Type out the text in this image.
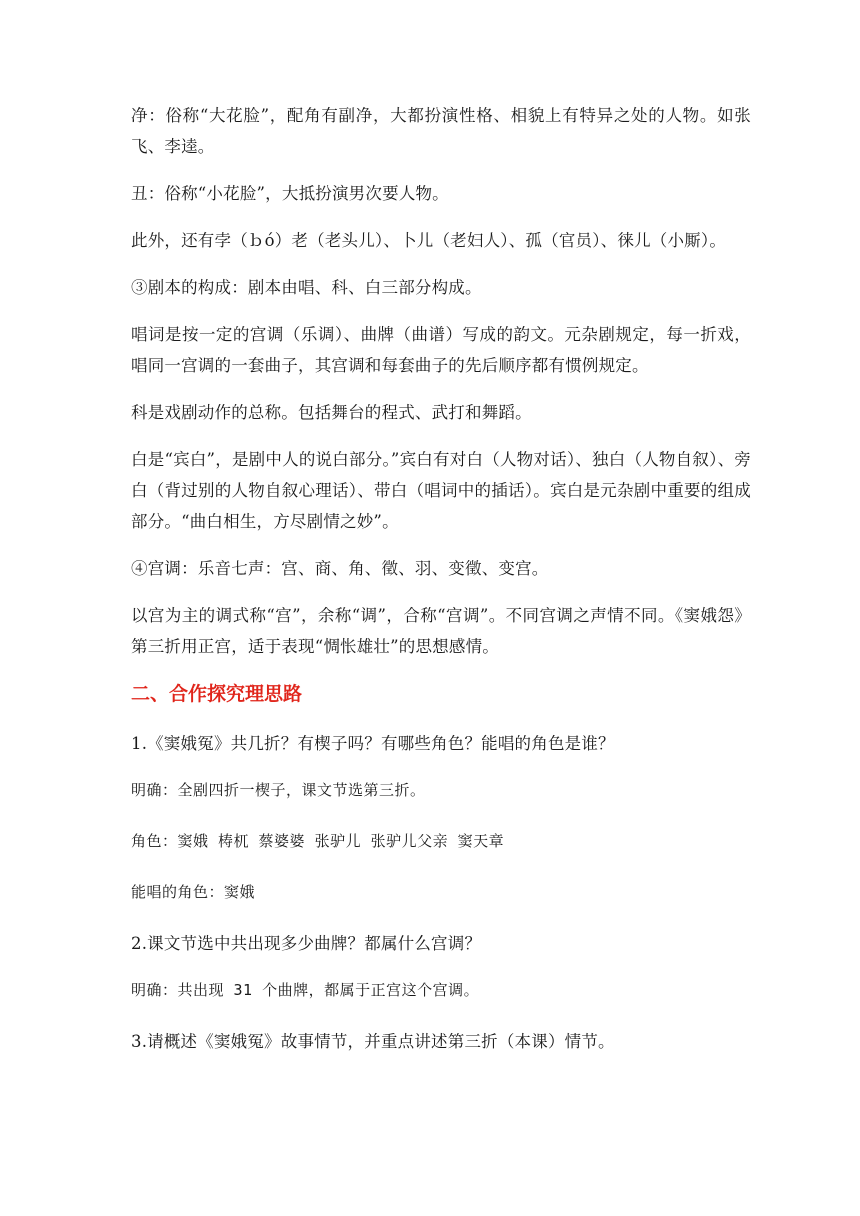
净：俗称“大花脸”，配角有副净，大都扮演性格、相貌上有特异之处的人物。如张飞、李逵。

丑：俗称“小花脸”，大抵扮演男次要人物。

此外，还有孛（ｂó）老（老头儿）、卜儿（老妇人）、孤（官员）、徕儿（小厮）。

③剧本的构成：剧本由唱、科、白三部分构成。

唱词是按一定的宫调（乐调）、曲牌（曲谱）写成的韵文。元杂剧规定，每一折戏，唱同一宫调的一套曲子，其宫调和每套曲子的先后顺序都有惯例规定。

科是戏剧动作的总称。包括舞台的程式、武打和舞蹈。

白是“宾白”，是剧中人的说白部分。”宾白有对白（人物对话）、独白（人物自叙）、旁白（背过别的人物自叙心理话）、带白（唱词中的插话）。宾白是元杂剧中重要的组成部分。“曲白相生，方尽剧情之妙”。

④宫调：乐音七声：宫、商、角、徵、羽、变徵、变宫。

以宫为主的调式称“宫”，余称“调”，合称“宫调”。不同宫调之声情不同。《窦娥怨》第三折用正宫，适于表现“惆怅雄壮”的思想感情。

二、合作探究理思路

1.《窦娥冤》共几折？有楔子吗？有哪些角色？能唱的角色是谁？

明确：全剧四折一楔子，课文节选第三折。

角色：窦娥 梼杌 蔡婆婆 张驴儿 张驴儿父亲 窦天章

能唱的角色：窦娥

2.课文节选中共出现多少曲牌？都属什么宫调？

明确：共出现 31 个曲牌，都属于正宫这个宫调。

3.请概述《窦娥冤》故事情节，并重点讲述第三折（本课）情节。
